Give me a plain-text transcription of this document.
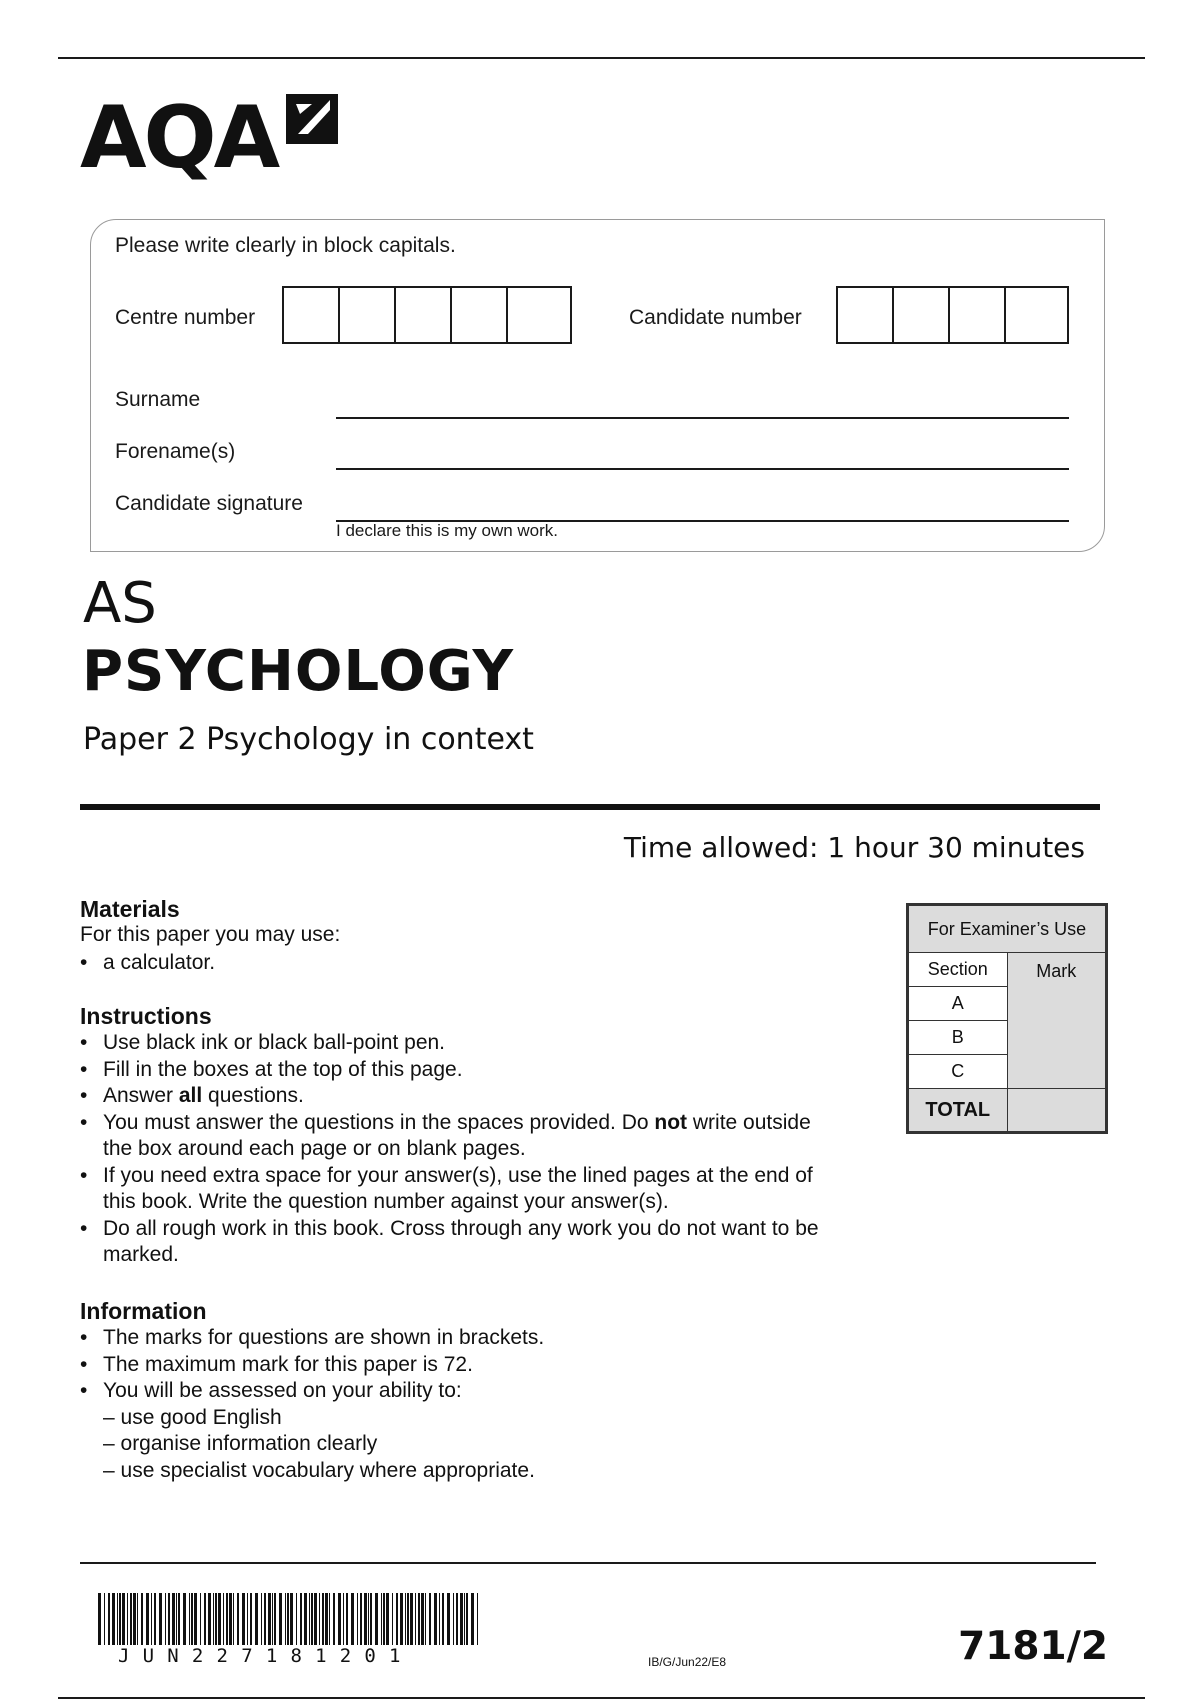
AQA
Please write clearly in block capitals.
Centre number	Candidate number
Surname
Forename(s)
Candidate signature
I declare this is my own work.
AS
PSYCHOLOGY
Paper 2 Psychology in context
Time allowed: 1 hour 30 minutes
Materials
For this paper you may use:
• a calculator.
Instructions
• Use black ink or black ball-point pen.
• Fill in the boxes at the top of this page.
• Answer all questions.
• You must answer the questions in the spaces provided. Do not write outside the box around each page or on blank pages.
• If you need extra space for your answer(s), use the lined pages at the end of this book. Write the question number against your answer(s).
• Do all rough work in this book. Cross through any work you do not want to be marked.
Information
• The marks for questions are shown in brackets.
• The maximum mark for this paper is 72.
• You will be assessed on your ability to:
– use good English
– organise information clearly
– use specialist vocabulary where appropriate.
For Examiner’s Use	
Section	Mark
A	
B	
C	
TOTAL	
JUN227181201	IB/G/Jun22/E8	7181/2
